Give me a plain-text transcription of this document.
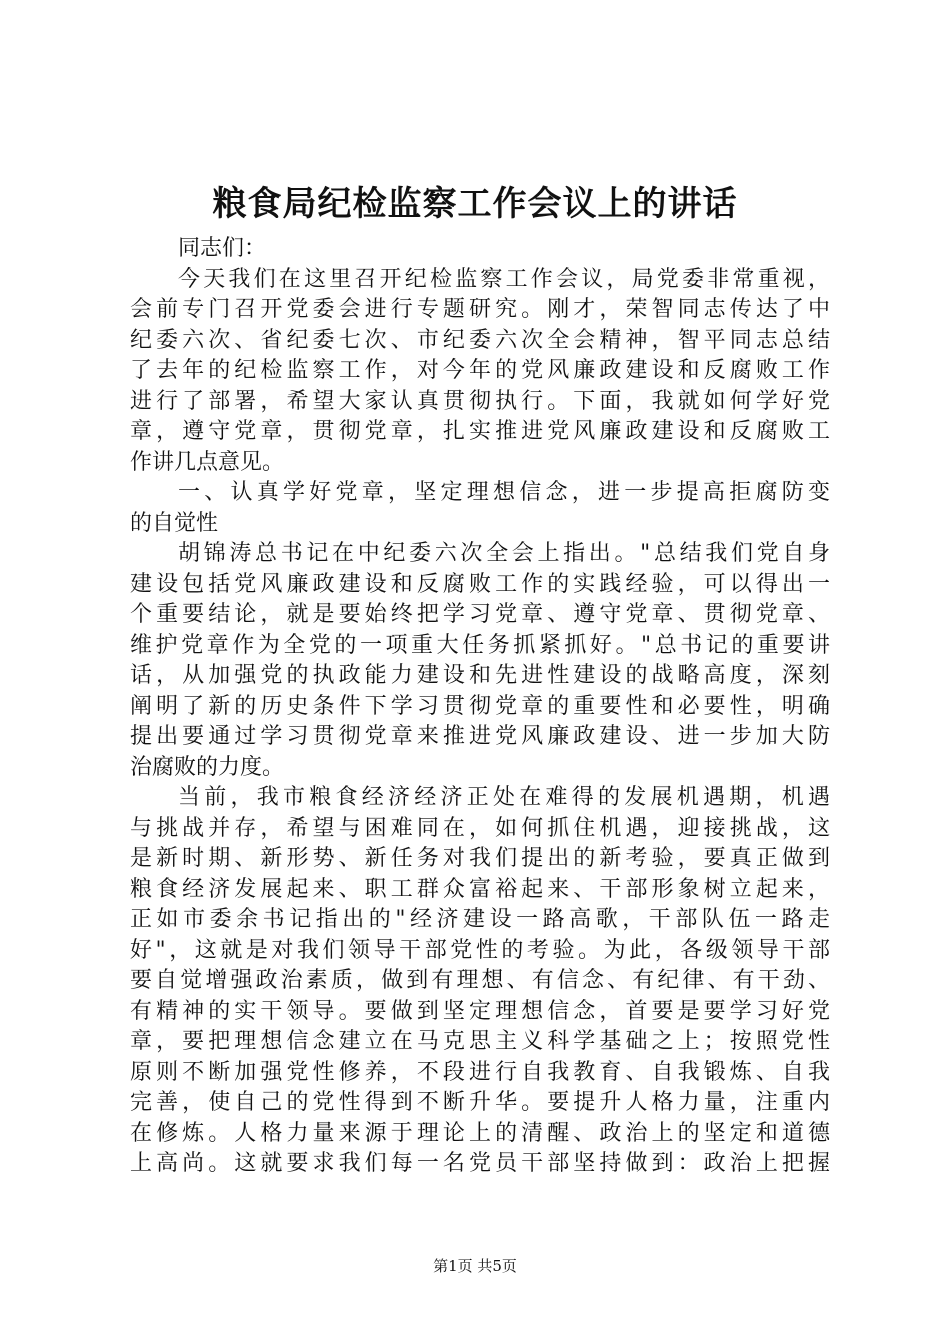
粮食局纪检监察工作会议上的讲话
同志们：
今天我们在这里召开纪检监察工作会议，局党委非常重视，
会前专门召开党委会进行专题研究。刚才，荣智同志传达了中
纪委六次、省纪委七次、市纪委六次全会精神，智平同志总结
了去年的纪检监察工作，对今年的党风廉政建设和反腐败工作
进行了部署，希望大家认真贯彻执行。下面，我就如何学好党
章，遵守党章，贯彻党章，扎实推进党风廉政建设和反腐败工
作讲几点意见。
一、认真学好党章，坚定理想信念，进一步提高拒腐防变
的自觉性
胡锦涛总书记在中纪委六次全会上指出。"总结我们党自身
建设包括党风廉政建设和反腐败工作的实践经验，可以得出一
个重要结论，就是要始终把学习党章、遵守党章、贯彻党章、
维护党章作为全党的一项重大任务抓紧抓好。"总书记的重要讲
话，从加强党的执政能力建设和先进性建设的战略高度，深刻
阐明了新的历史条件下学习贯彻党章的重要性和必要性，明确
提出要通过学习贯彻党章来推进党风廉政建设、进一步加大防
治腐败的力度。
当前，我市粮食经济经济正处在难得的发展机遇期，机遇
与挑战并存，希望与困难同在，如何抓住机遇，迎接挑战，这
是新时期、新形势、新任务对我们提出的新考验，要真正做到
粮食经济发展起来、职工群众富裕起来、干部形象树立起来，
正如市委余书记指出的"经济建设一路高歌，干部队伍一路走
好"，这就是对我们领导干部党性的考验。为此，各级领导干部
要自觉增强政治素质，做到有理想、有信念、有纪律、有干劲、
有精神的实干领导。要做到坚定理想信念，首要是要学习好党
章，要把理想信念建立在马克思主义科学基础之上；按照党性
原则不断加强党性修养，不段进行自我教育、自我锻炼、自我
完善，使自己的党性得到不断升华。要提升人格力量，注重内
在修炼。人格力量来源于理论上的清醒、政治上的坚定和道德
上高尚。这就要求我们每一名党员干部坚持做到：政治上把握
第1页 共5页
